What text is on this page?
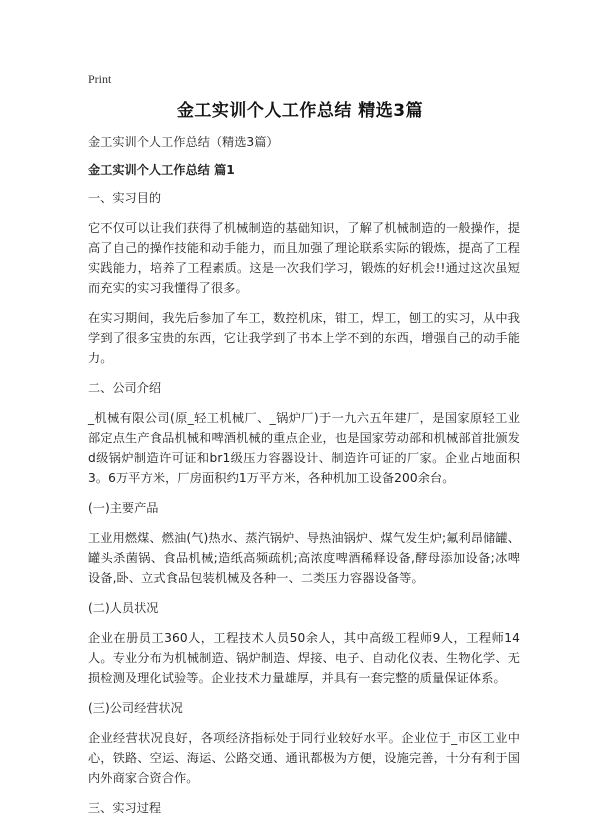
Print
金工实训个人工作总结 精选3篇

金工实训个人工作总结（精选3篇）

金工实训个人工作总结 篇1

一、实习目的

它不仅可以让我们获得了机械制造的基础知识，了解了机械制造的一般操作，提高了自己的操作技能和动手能力，而且加强了理论联系实际的锻炼，提高了工程实践能力，培养了工程素质。这是一次我们学习，锻炼的好机会!!通过这次虽短而充实的实习我懂得了很多。

在实习期间，我先后参加了车工，数控机床，钳工，焊工，刨工的实习，从中我学到了很多宝贵的东西，它让我学到了书本上学不到的东西，增强自己的动手能力。

二、公司介绍

_机械有限公司(原_轻工机械厂、_锅炉厂)于一九六五年建厂，是国家原轻工业部定点生产食品机械和啤酒机械的重点企业，也是国家劳动部和机械部首批颁发d级锅炉制造许可证和br1级压力容器设计、制造许可证的厂家。企业占地面积3。6万平方米，厂房面积约1万平方米，各种机加工设备200余台。

(一)主要产品

工业用燃煤、燃油(气)热水、蒸汽锅炉、导热油锅炉、煤气发生炉;氟利昂储罐、罐头杀菌锅、食品机械;造纸高频疏机;高浓度啤酒稀释设备,酵母添加设备;冰啤设备,卧、立式食品包装机械及各种一、二类压力容器设备等。

(二)人员状况

企业在册员工360人，工程技术人员50余人，其中高级工程师9人，工程师14人。专业分布为机械制造、锅炉制造、焊接、电子、自动化仪表、生物化学、无损检测及理化试验等。企业技术力量雄厚，并具有一套完整的质量保证体系。

(三)公司经营状况

企业经营状况良好，各项经济指标处于同行业较好水平。企业位于_市区工业中心，铁路、空运、海运、公路交通、通讯都极为方便，设施完善，十分有利于国内外商家合资合作。

三、实习过程
